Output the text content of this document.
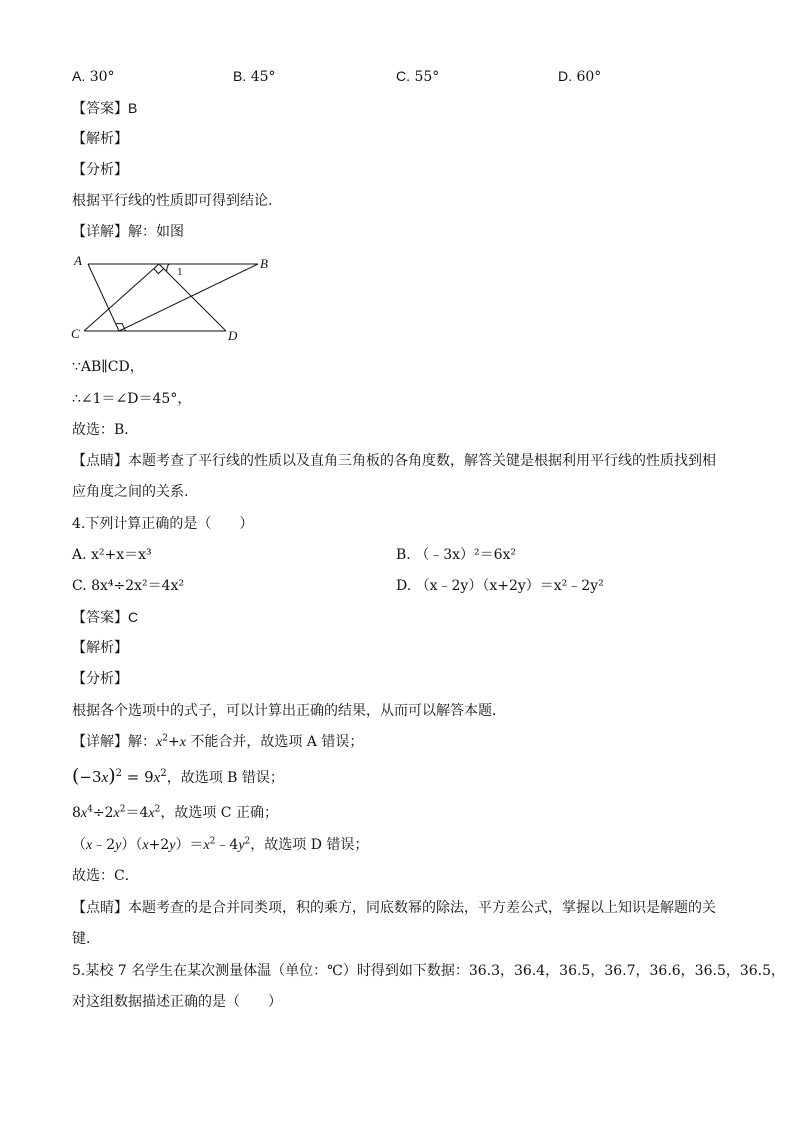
A. 30°	B. 45°	C. 55°	D. 60°
【答案】B
【解析】
【分析】
根据平行线的性质即可得到结论．
【详解】解：如图
A	B
C	D
1
∵AB∥CD，
∴∠1＝∠D＝45°，
故选：B．
【点睛】本题考查了平行线的性质以及直角三角板的各角度数，解答关键是根据利用平行线的性质找到相
应角度之间的关系.
4.下列计算正确的是（　　）
A. x²+x＝x³	B. （﹣3x）²＝6x²
C. 8x⁴÷2x²＝4x²	D. （x﹣2y）（x+2y）＝x²﹣2y²
【答案】C
【解析】
【分析】
根据各个选项中的式子，可以计算出正确的结果，从而可以解答本题．
【详解】解：$x^2+x$ 不能合并，故选项 A 错误；
$(-3x)^2 = 9x^2$，故选项 B 错误；
$8x^4\div 2x^2=4x^2$，故选项 C 正确；
$(x﹣2y)(x+2y)=x^2﹣4y^2$，故选项 D 错误；
故选：C．
【点睛】本题考查的是合并同类项，积的乘方，同底数幂的除法，平方差公式，掌握以上知识是解题的关
键．
5.某校 7 名学生在某次测量体温（单位：℃）时得到如下数据：36.3，36.4，36.5，36.7，36.6，36.5，36.5，
对这组数据描述正确的是（　　）
